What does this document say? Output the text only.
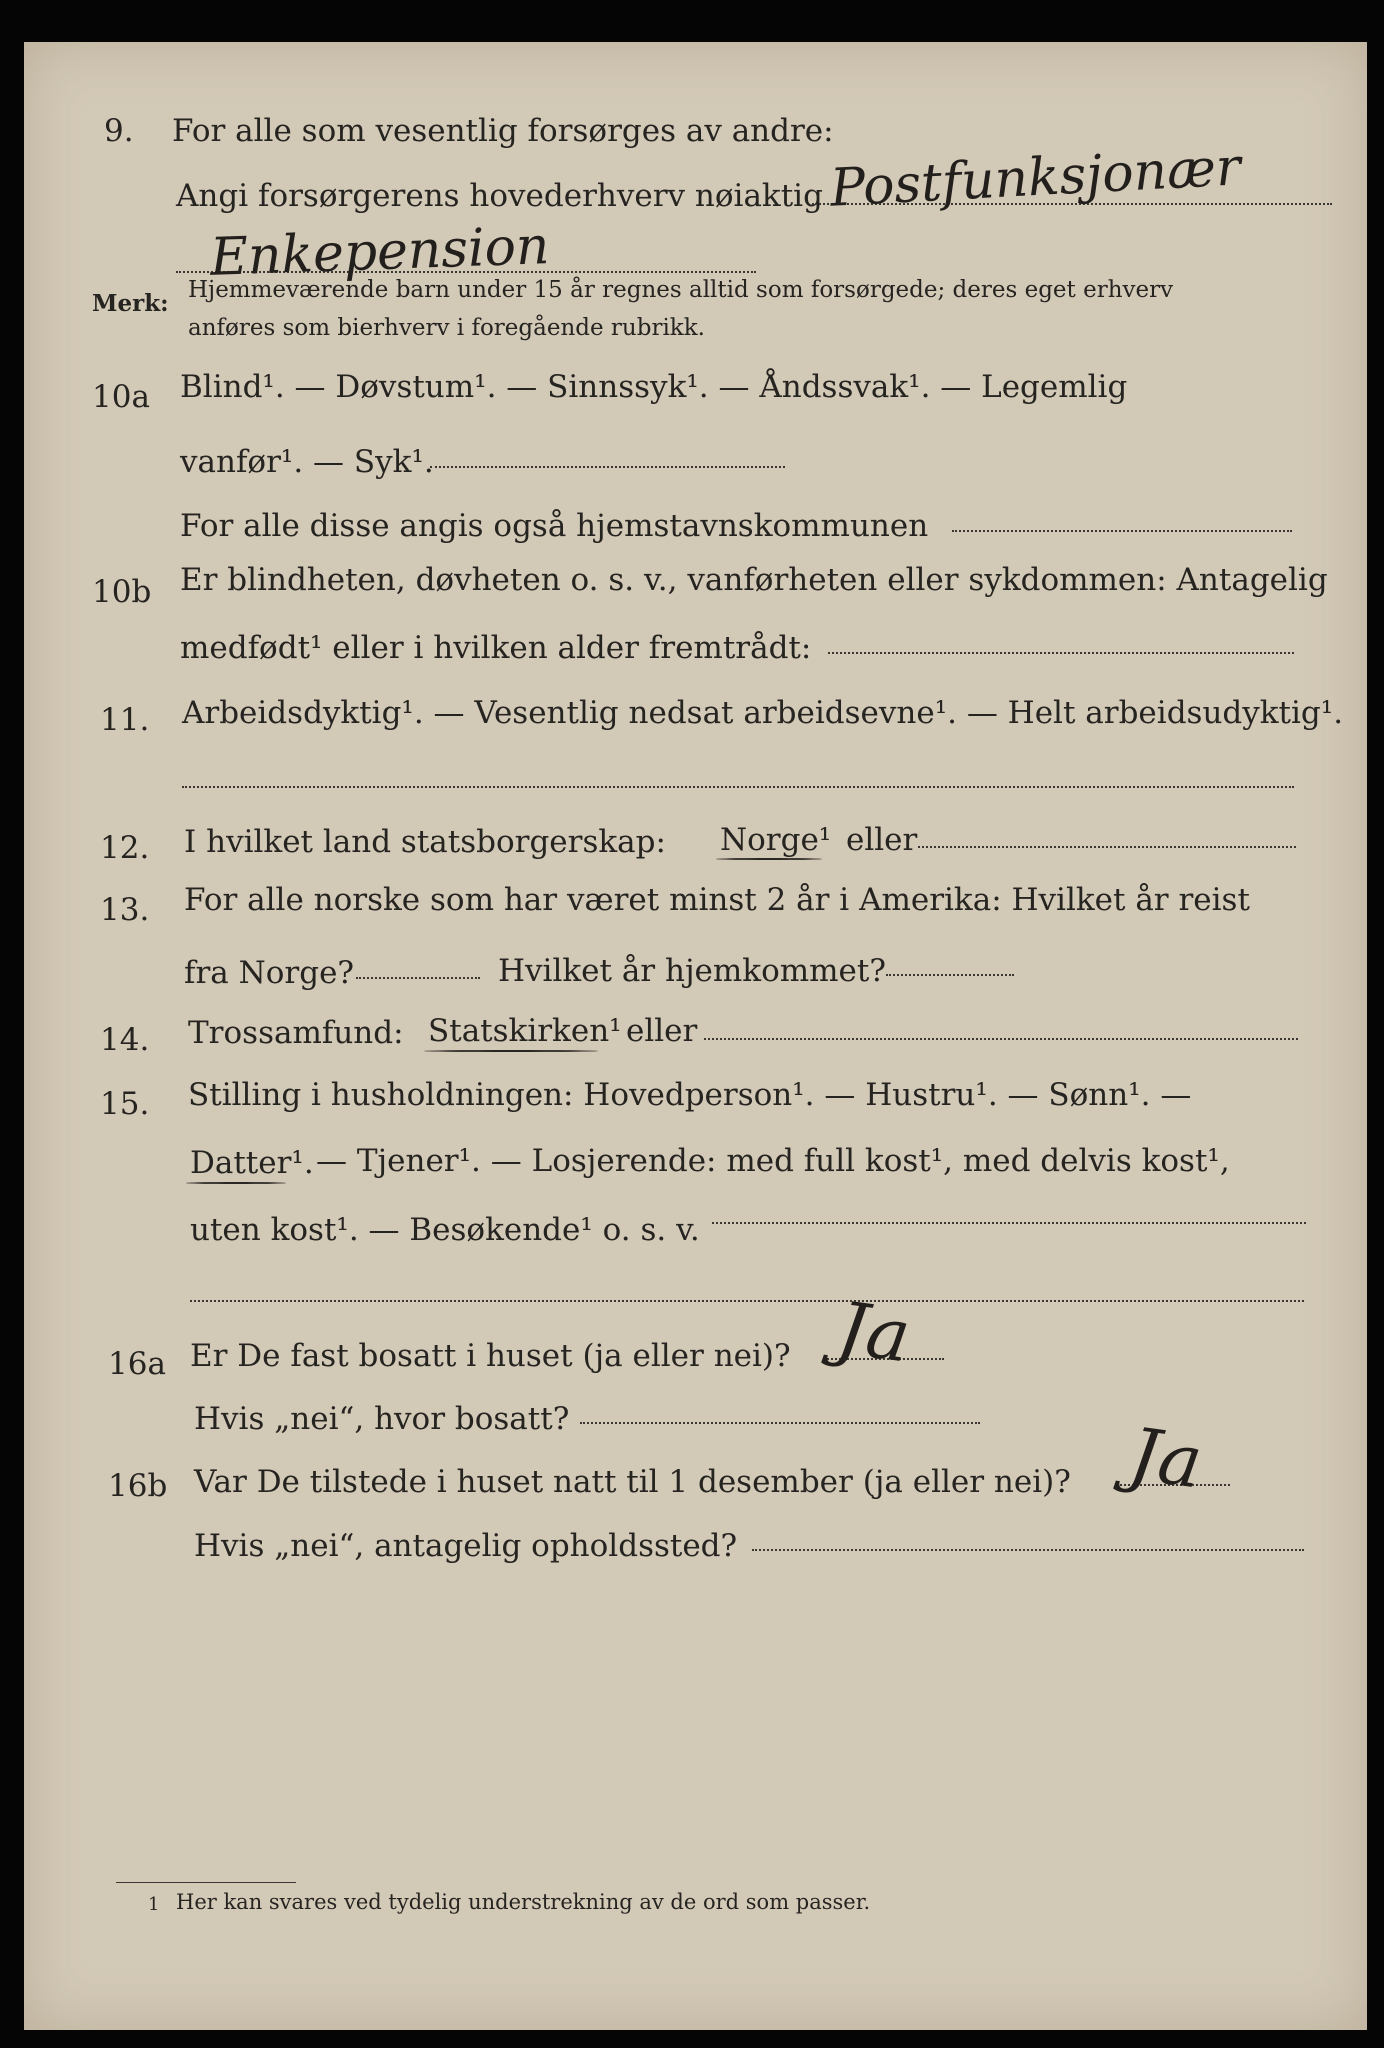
9. For alle som vesentlig forsørges av andre:
Angi forsørgerens hovederhverv nøiaktig Postfunksjonær
Enkepension
Merk: Hjemmeværende barn under 15 år regnes alltid som forsørgede; deres eget erhverv
anføres som bierhverv i foregående rubrikk.
10a Blind¹. — Døvstum¹. — Sinnssyk¹. — Åndssvak¹. — Legemlig
vanfør¹. — Syk¹.
For alle disse angis også hjemstavnskommunen
10b Er blindheten, døvheten o. s. v., vanførheten eller sykdommen: Antagelig
medfødt¹ eller i hvilken alder fremtrådt:
11. Arbeidsdyktig¹. — Vesentlig nedsat arbeidsevne¹. — Helt arbeidsudyktig¹.
12. I hvilket land statsborgerskap: Norge¹ eller
13. For alle norske som har været minst 2 år i Amerika: Hvilket år reist
fra Norge?	Hvilket år hjemkommet?
14. Trossamfund: Statskirken¹ eller
15. Stilling i husholdningen: Hovedperson¹. — Hustru¹. — Sønn¹. —
Datter¹. — Tjener¹. — Losjerende: med full kost¹, med delvis kost¹,
uten kost¹. — Besøkende¹ o. s. v.
16a Er De fast bosatt i huset (ja eller nei)? Ja
Hvis „nei“, hvor bosatt?
16b Var De tilstede i huset natt til 1 desember (ja eller nei)? Ja
Hvis „nei“, antagelig opholdssted?
1 Her kan svares ved tydelig understrekning av de ord som passer.
